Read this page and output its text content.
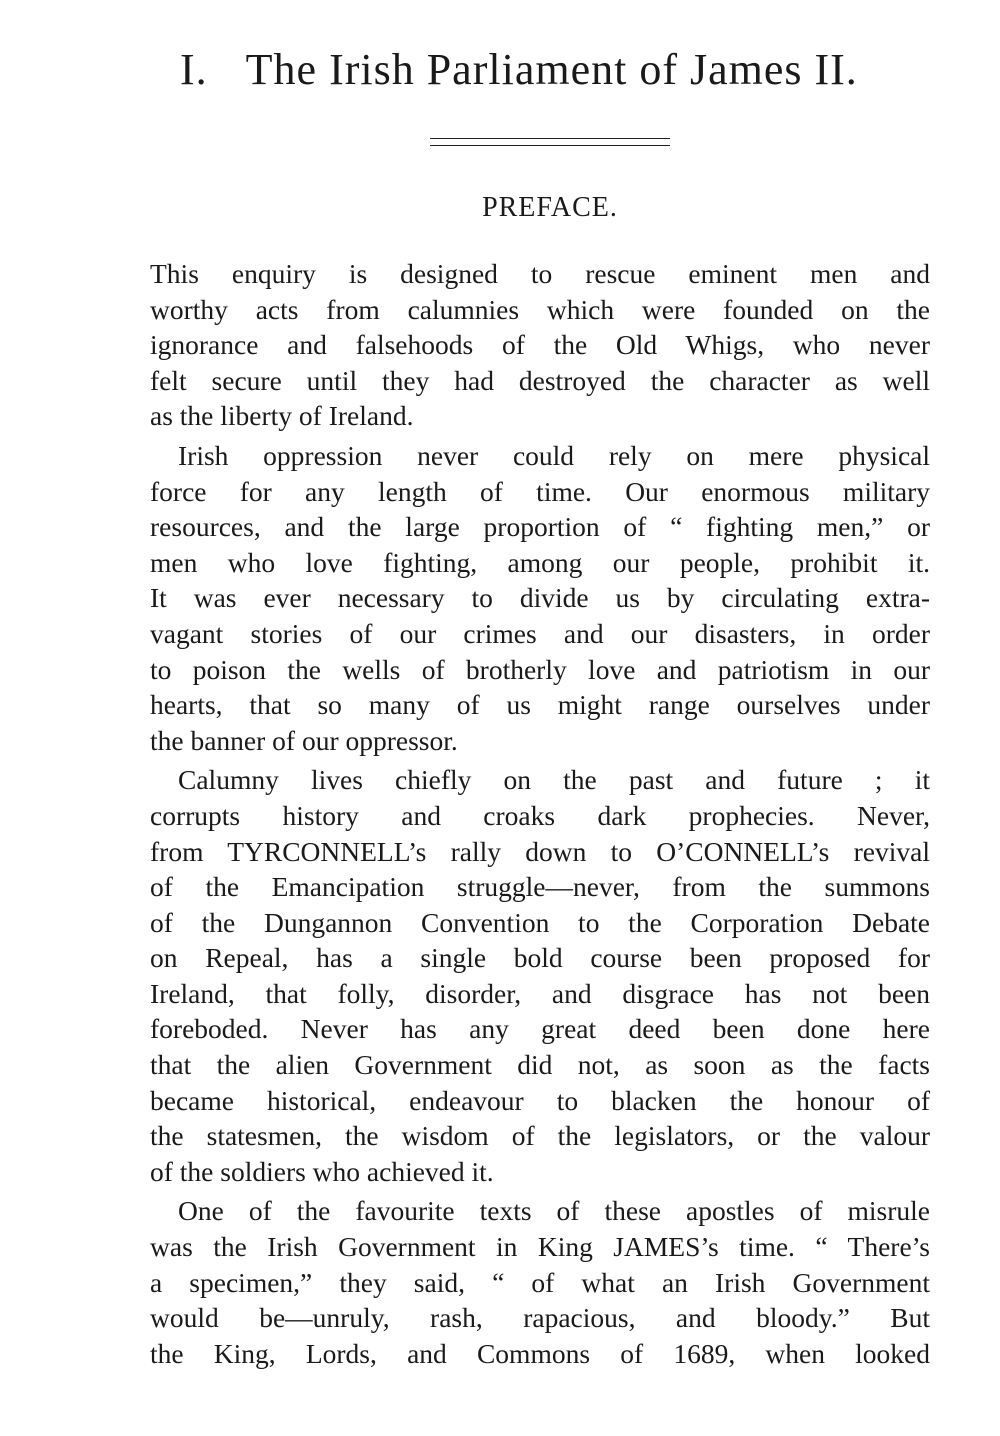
I. The Irish Parliament of James II.
PREFACE.
This enquiry is designed to rescue eminent men and
worthy acts from calumnies which were founded on the
ignorance and falsehoods of the Old Whigs, who never
felt secure until they had destroyed the character as well
as the liberty of Ireland.
Irish oppression never could rely on mere physical
force for any length of time. Our enormous military
resources, and the large proportion of “ fighting men,” or
men who love fighting, among our people, prohibit it.
It was ever necessary to divide us by circulating extra-
vagant stories of our crimes and our disasters, in order
to poison the wells of brotherly love and patriotism in our
hearts, that so many of us might range ourselves under
the banner of our oppressor.
Calumny lives chiefly on the past and future ; it
corrupts history and croaks dark prophecies. Never,
from TYRCONNELL’s rally down to O’CONNELL’s revival
of the Emancipation struggle—never, from the summons
of the Dungannon Convention to the Corporation Debate
on Repeal, has a single bold course been proposed for
Ireland, that folly, disorder, and disgrace has not been
foreboded. Never has any great deed been done here
that the alien Government did not, as soon as the facts
became historical, endeavour to blacken the honour of
the statesmen, the wisdom of the legislators, or the valour
of the soldiers who achieved it.
One of the favourite texts of these apostles of misrule
was the Irish Government in King JAMES’s time. “ There’s
a specimen,” they said, “ of what an Irish Government
would be—unruly, rash, rapacious, and bloody.” But
the King, Lords, and Commons of 1689, when looked
